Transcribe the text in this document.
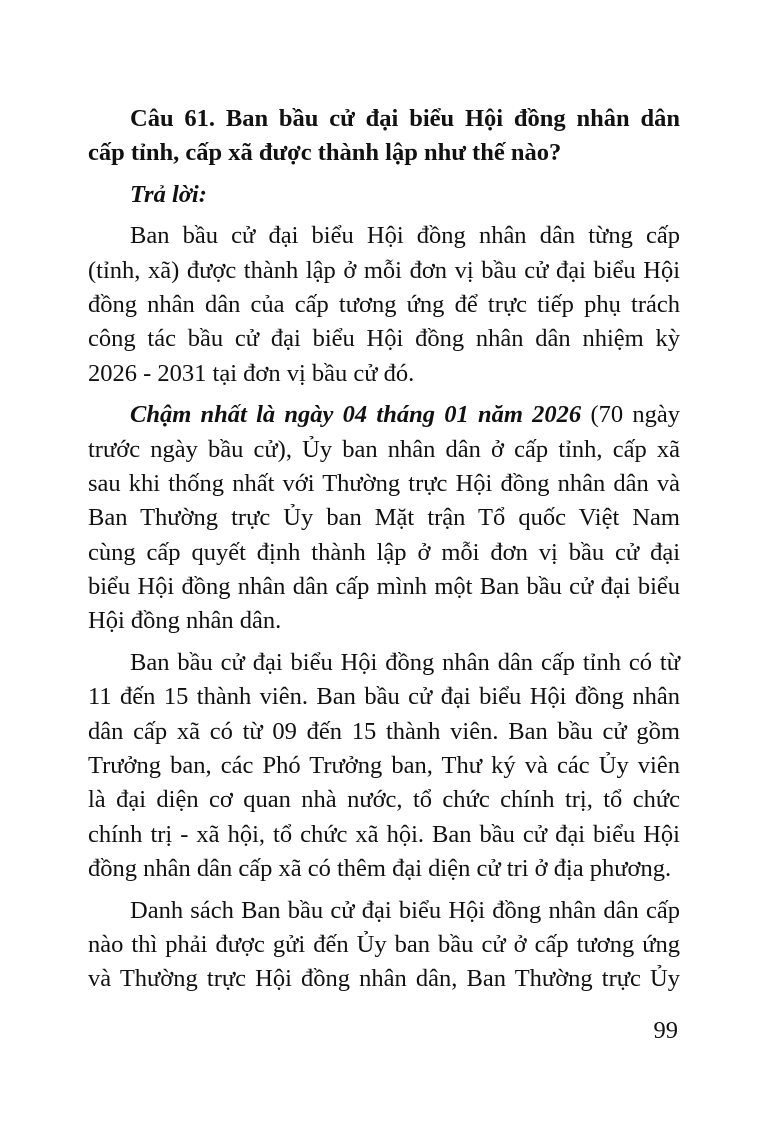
Câu 61. Ban bầu cử đại biểu Hội đồng nhân dân
cấp tỉnh, cấp xã được thành lập như thế nào?
Trả lời:
Ban bầu cử đại biểu Hội đồng nhân dân từng cấp
(tỉnh, xã) được thành lập ở mỗi đơn vị bầu cử đại biểu Hội
đồng nhân dân của cấp tương ứng để trực tiếp phụ trách
công tác bầu cử đại biểu Hội đồng nhân dân nhiệm kỳ
2026 - 2031 tại đơn vị bầu cử đó.
Chậm nhất là ngày 04 tháng 01 năm 2026 (70 ngày
trước ngày bầu cử), Ủy ban nhân dân ở cấp tỉnh, cấp xã
sau khi thống nhất với Thường trực Hội đồng nhân dân và
Ban Thường trực Ủy ban Mặt trận Tổ quốc Việt Nam
cùng cấp quyết định thành lập ở mỗi đơn vị bầu cử đại
biểu Hội đồng nhân dân cấp mình một Ban bầu cử đại biểu
Hội đồng nhân dân.
Ban bầu cử đại biểu Hội đồng nhân dân cấp tỉnh có từ
11 đến 15 thành viên. Ban bầu cử đại biểu Hội đồng nhân
dân cấp xã có từ 09 đến 15 thành viên. Ban bầu cử gồm
Trưởng ban, các Phó Trưởng ban, Thư ký và các Ủy viên
là đại diện cơ quan nhà nước, tổ chức chính trị, tổ chức
chính trị - xã hội, tổ chức xã hội. Ban bầu cử đại biểu Hội
đồng nhân dân cấp xã có thêm đại diện cử tri ở địa phương.
Danh sách Ban bầu cử đại biểu Hội đồng nhân dân cấp
nào thì phải được gửi đến Ủy ban bầu cử ở cấp tương ứng
và Thường trực Hội đồng nhân dân, Ban Thường trực Ủy
99
